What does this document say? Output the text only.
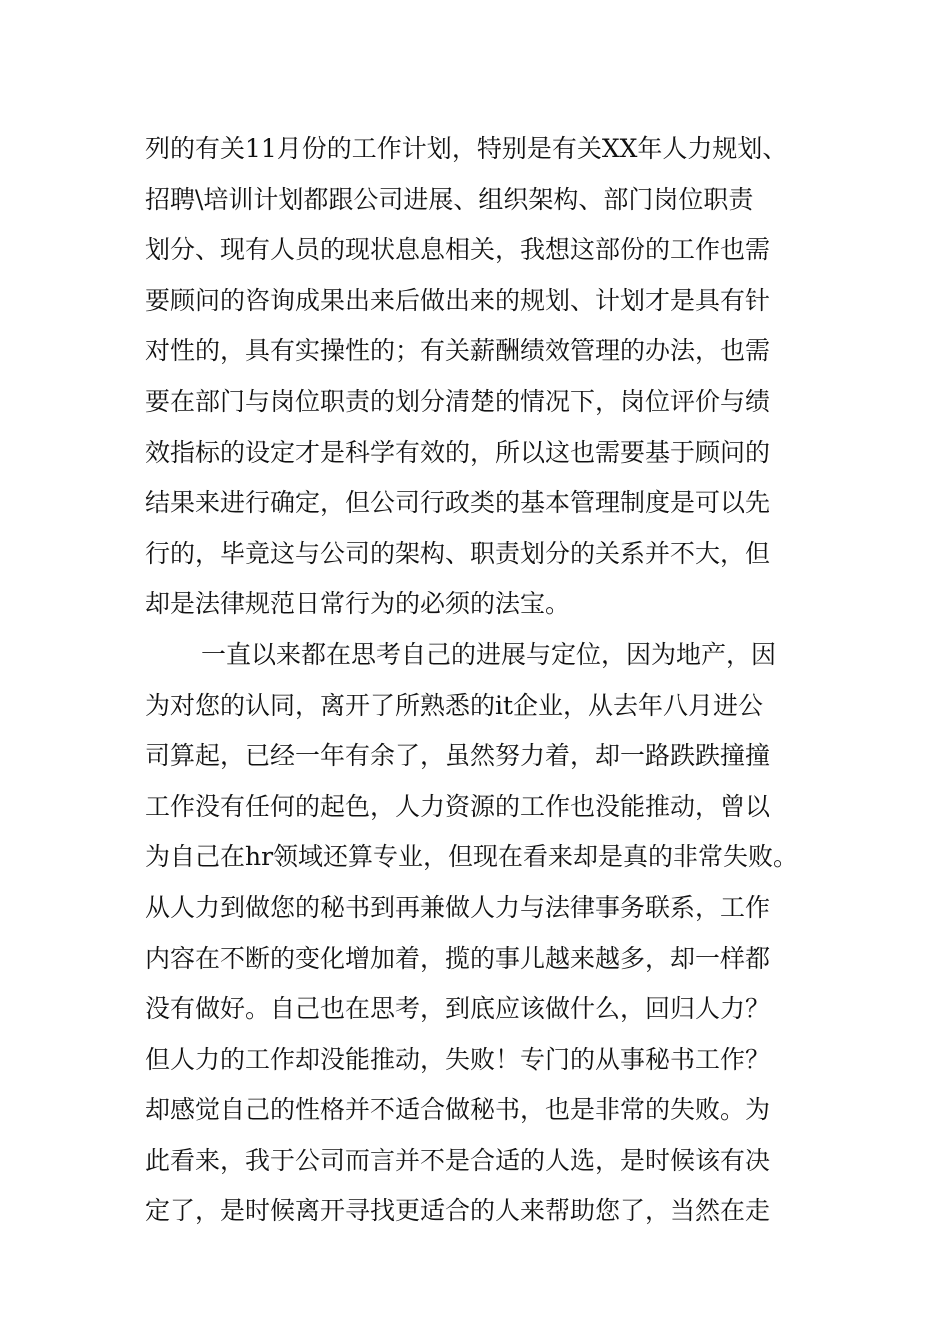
列的有关11月份的工作计划，特别是有关XX年人力规划、
招聘\培训计划都跟公司进展、组织架构、部门岗位职责
划分、现有人员的现状息息相关，我想这部份的工作也需
要顾问的咨询成果出来后做出来的规划、计划才是具有针
对性的，具有实操性的；有关薪酬绩效管理的办法，也需
要在部门与岗位职责的划分清楚的情况下，岗位评价与绩
效指标的设定才是科学有效的，所以这也需要基于顾问的
结果来进行确定，但公司行政类的基本管理制度是可以先
行的，毕竟这与公司的架构、职责划分的关系并不大，但
却是法律规范日常行为的必须的法宝。
一直以来都在思考自己的进展与定位，因为地产，因
为对您的认同，离开了所熟悉的it企业，从去年八月进公
司算起，已经一年有余了，虽然努力着，却一路跌跌撞撞
工作没有任何的起色，人力资源的工作也没能推动，曾以
为自己在hr领域还算专业，但现在看来却是真的非常失败。
从人力到做您的秘书到再兼做人力与法律事务联系，工作
内容在不断的变化增加着，揽的事儿越来越多，却一样都
没有做好。自己也在思考，到底应该做什么，回归人力？
但人力的工作却没能推动，失败！专门的从事秘书工作？
却感觉自己的性格并不适合做秘书，也是非常的失败。为
此看来，我于公司而言并不是合适的人选，是时候该有决
定了，是时候离开寻找更适合的人来帮助您了，当然在走
